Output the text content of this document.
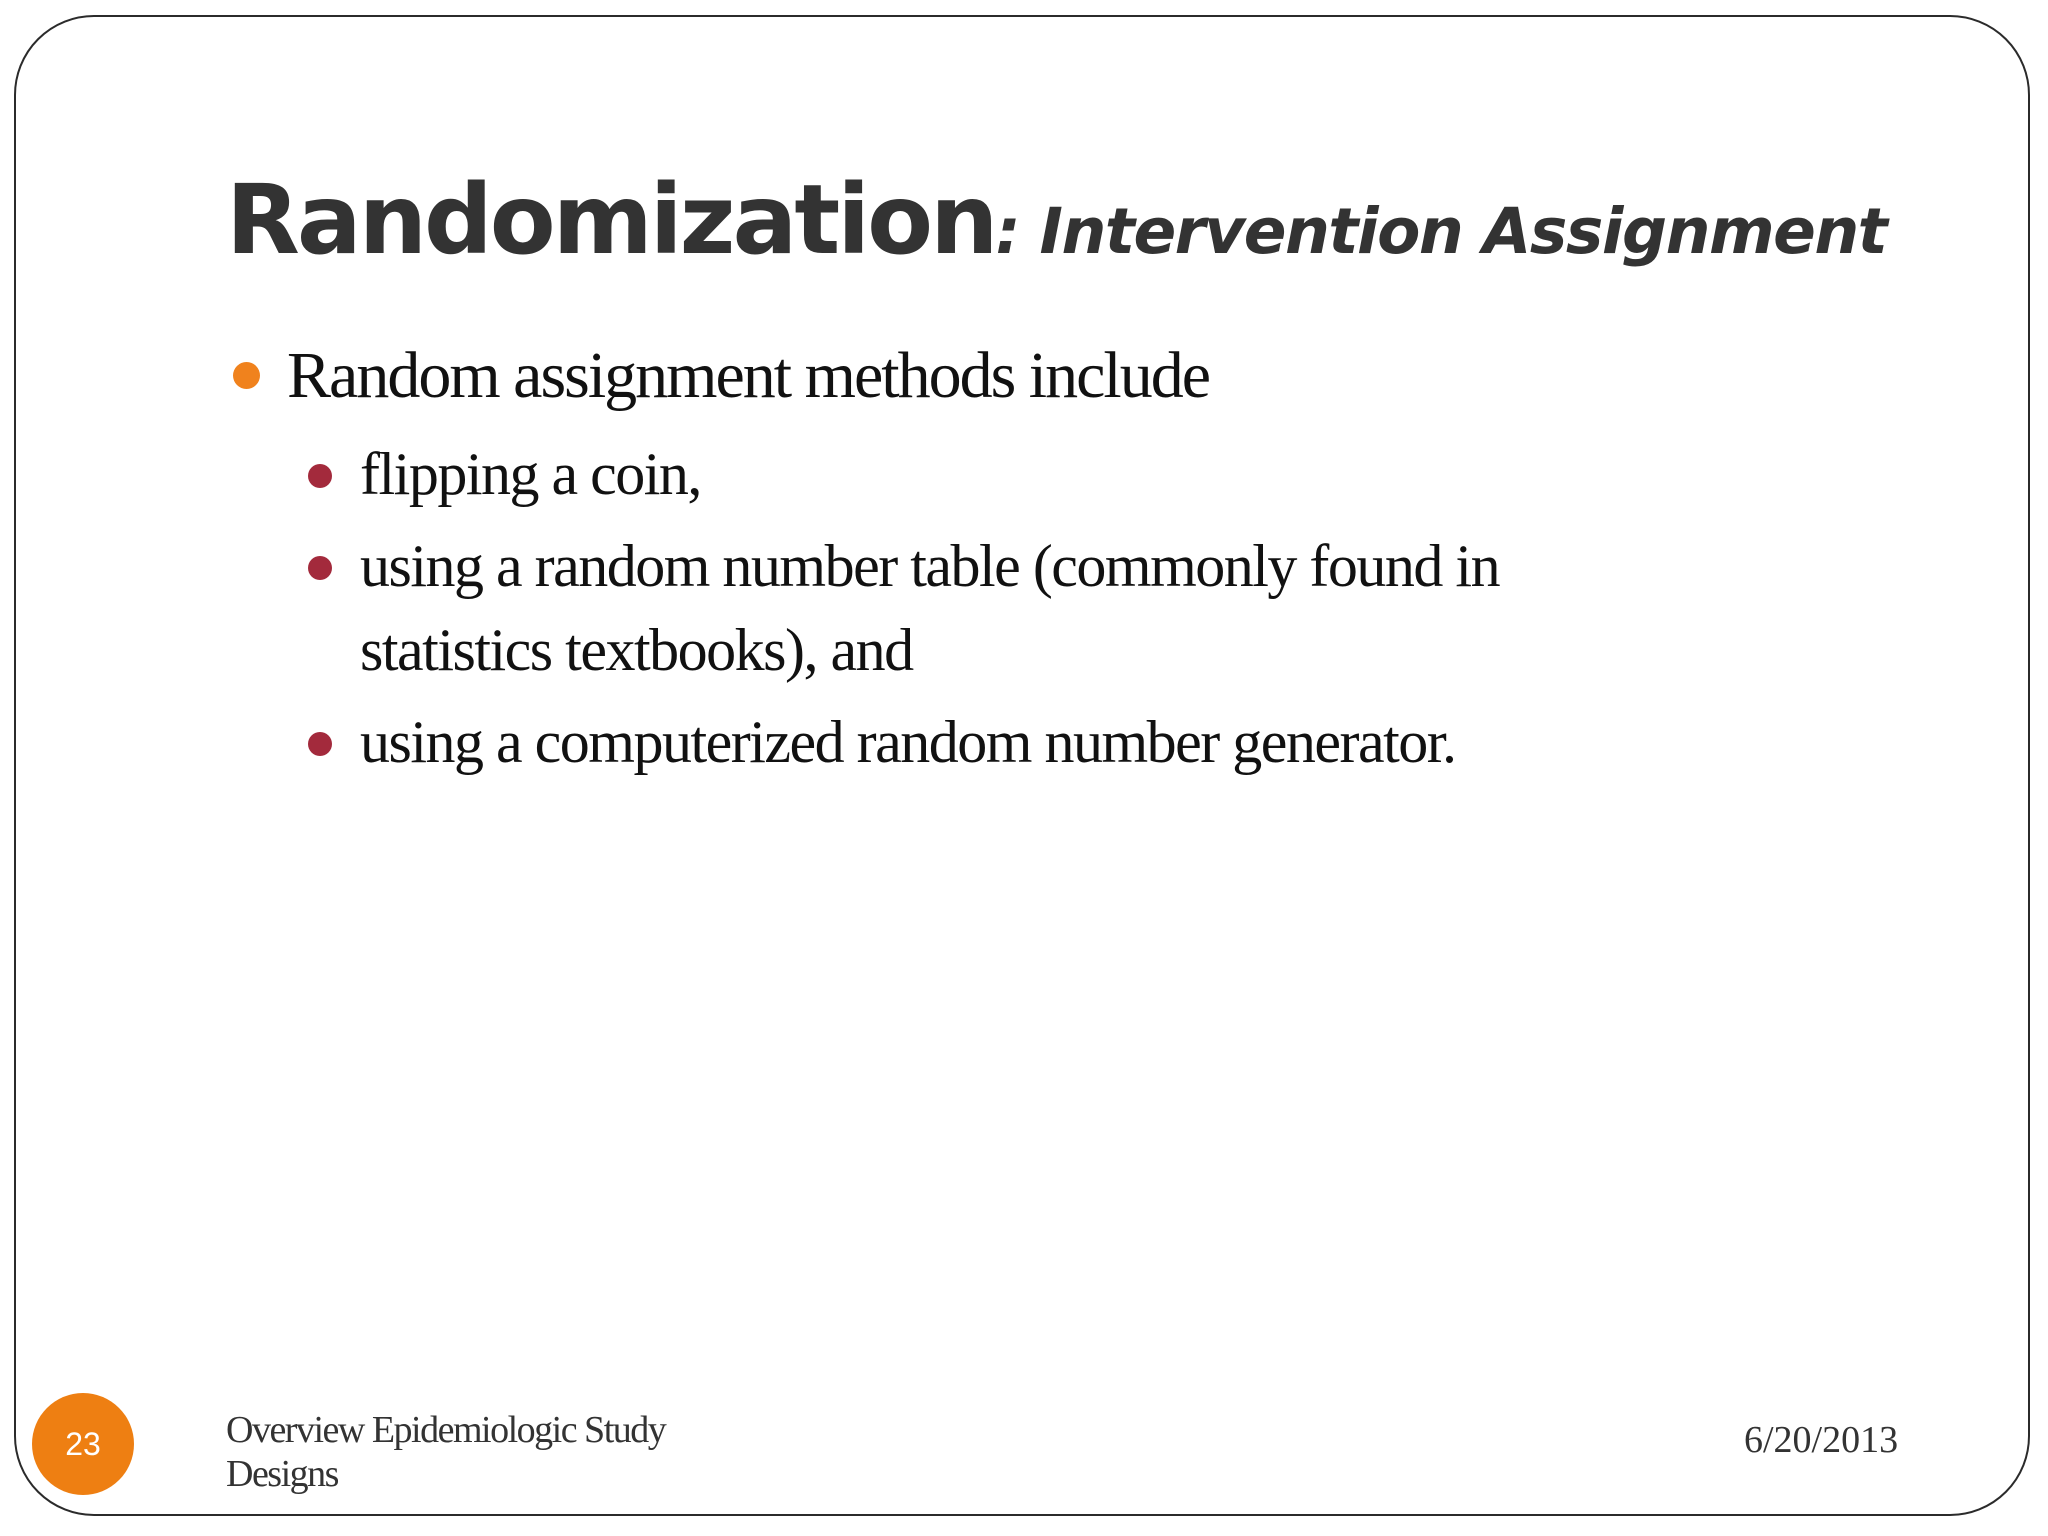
Randomization: Intervention Assignment
Random assignment methods include
flipping a coin,
using a random number table (commonly found in
statistics textbooks), and
using a computerized random number generator.
23	Overview Epidemiologic Study
Designs
6/20/2013
